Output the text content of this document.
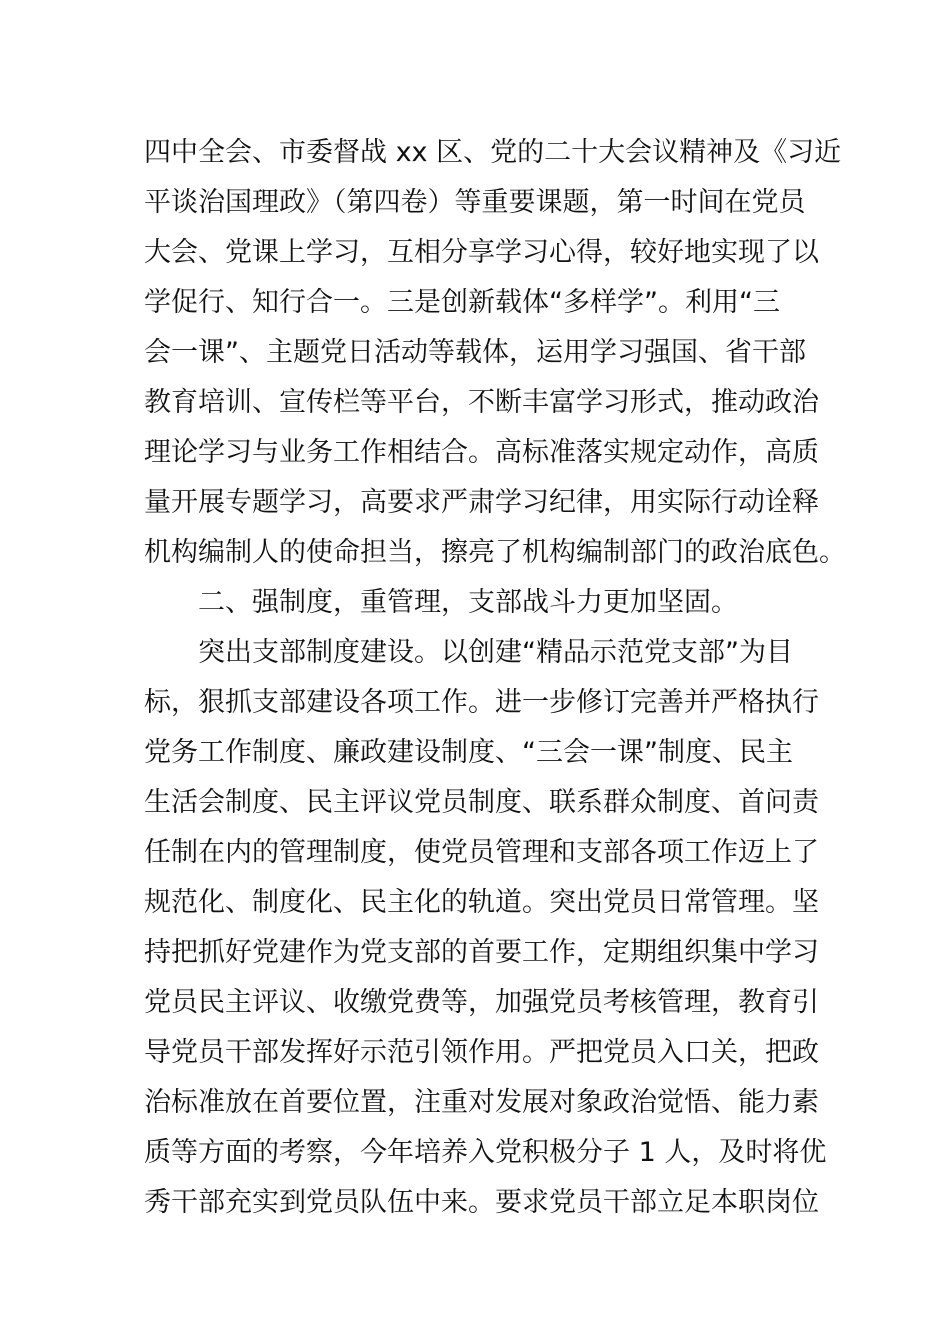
四中全会、市委督战 xx 区、党的二十大会议精神及《习近
平谈治国理政》（第四卷）等重要课题，第一时间在党员
大会、党课上学习，互相分享学习心得，较好地实现了以
学促行、知行合一。三是创新载体“多样学”。利用“三
会一课”、主题党日活动等载体，运用学习强国、省干部
教育培训、宣传栏等平台，不断丰富学习形式，推动政治
理论学习与业务工作相结合。高标准落实规定动作，高质
量开展专题学习，高要求严肃学习纪律，用实际行动诠释
机构编制人的使命担当，擦亮了机构编制部门的政治底色。
　　二、强制度，重管理，支部战斗力更加坚固。
　　突出支部制度建设。以创建“精品示范党支部”为目
标，狠抓支部建设各项工作。进一步修订完善并严格执行
党务工作制度、廉政建设制度、“三会一课”制度、民主
生活会制度、民主评议党员制度、联系群众制度、首问责
任制在内的管理制度，使党员管理和支部各项工作迈上了
规范化、制度化、民主化的轨道。突出党员日常管理。坚
持把抓好党建作为党支部的首要工作，定期组织集中学习
党员民主评议、收缴党费等，加强党员考核管理，教育引
导党员干部发挥好示范引领作用。严把党员入口关，把政
治标准放在首要位置，注重对发展对象政治觉悟、能力素
质等方面的考察，今年培养入党积极分子 1 人，及时将优
秀干部充实到党员队伍中来。要求党员干部立足本职岗位
